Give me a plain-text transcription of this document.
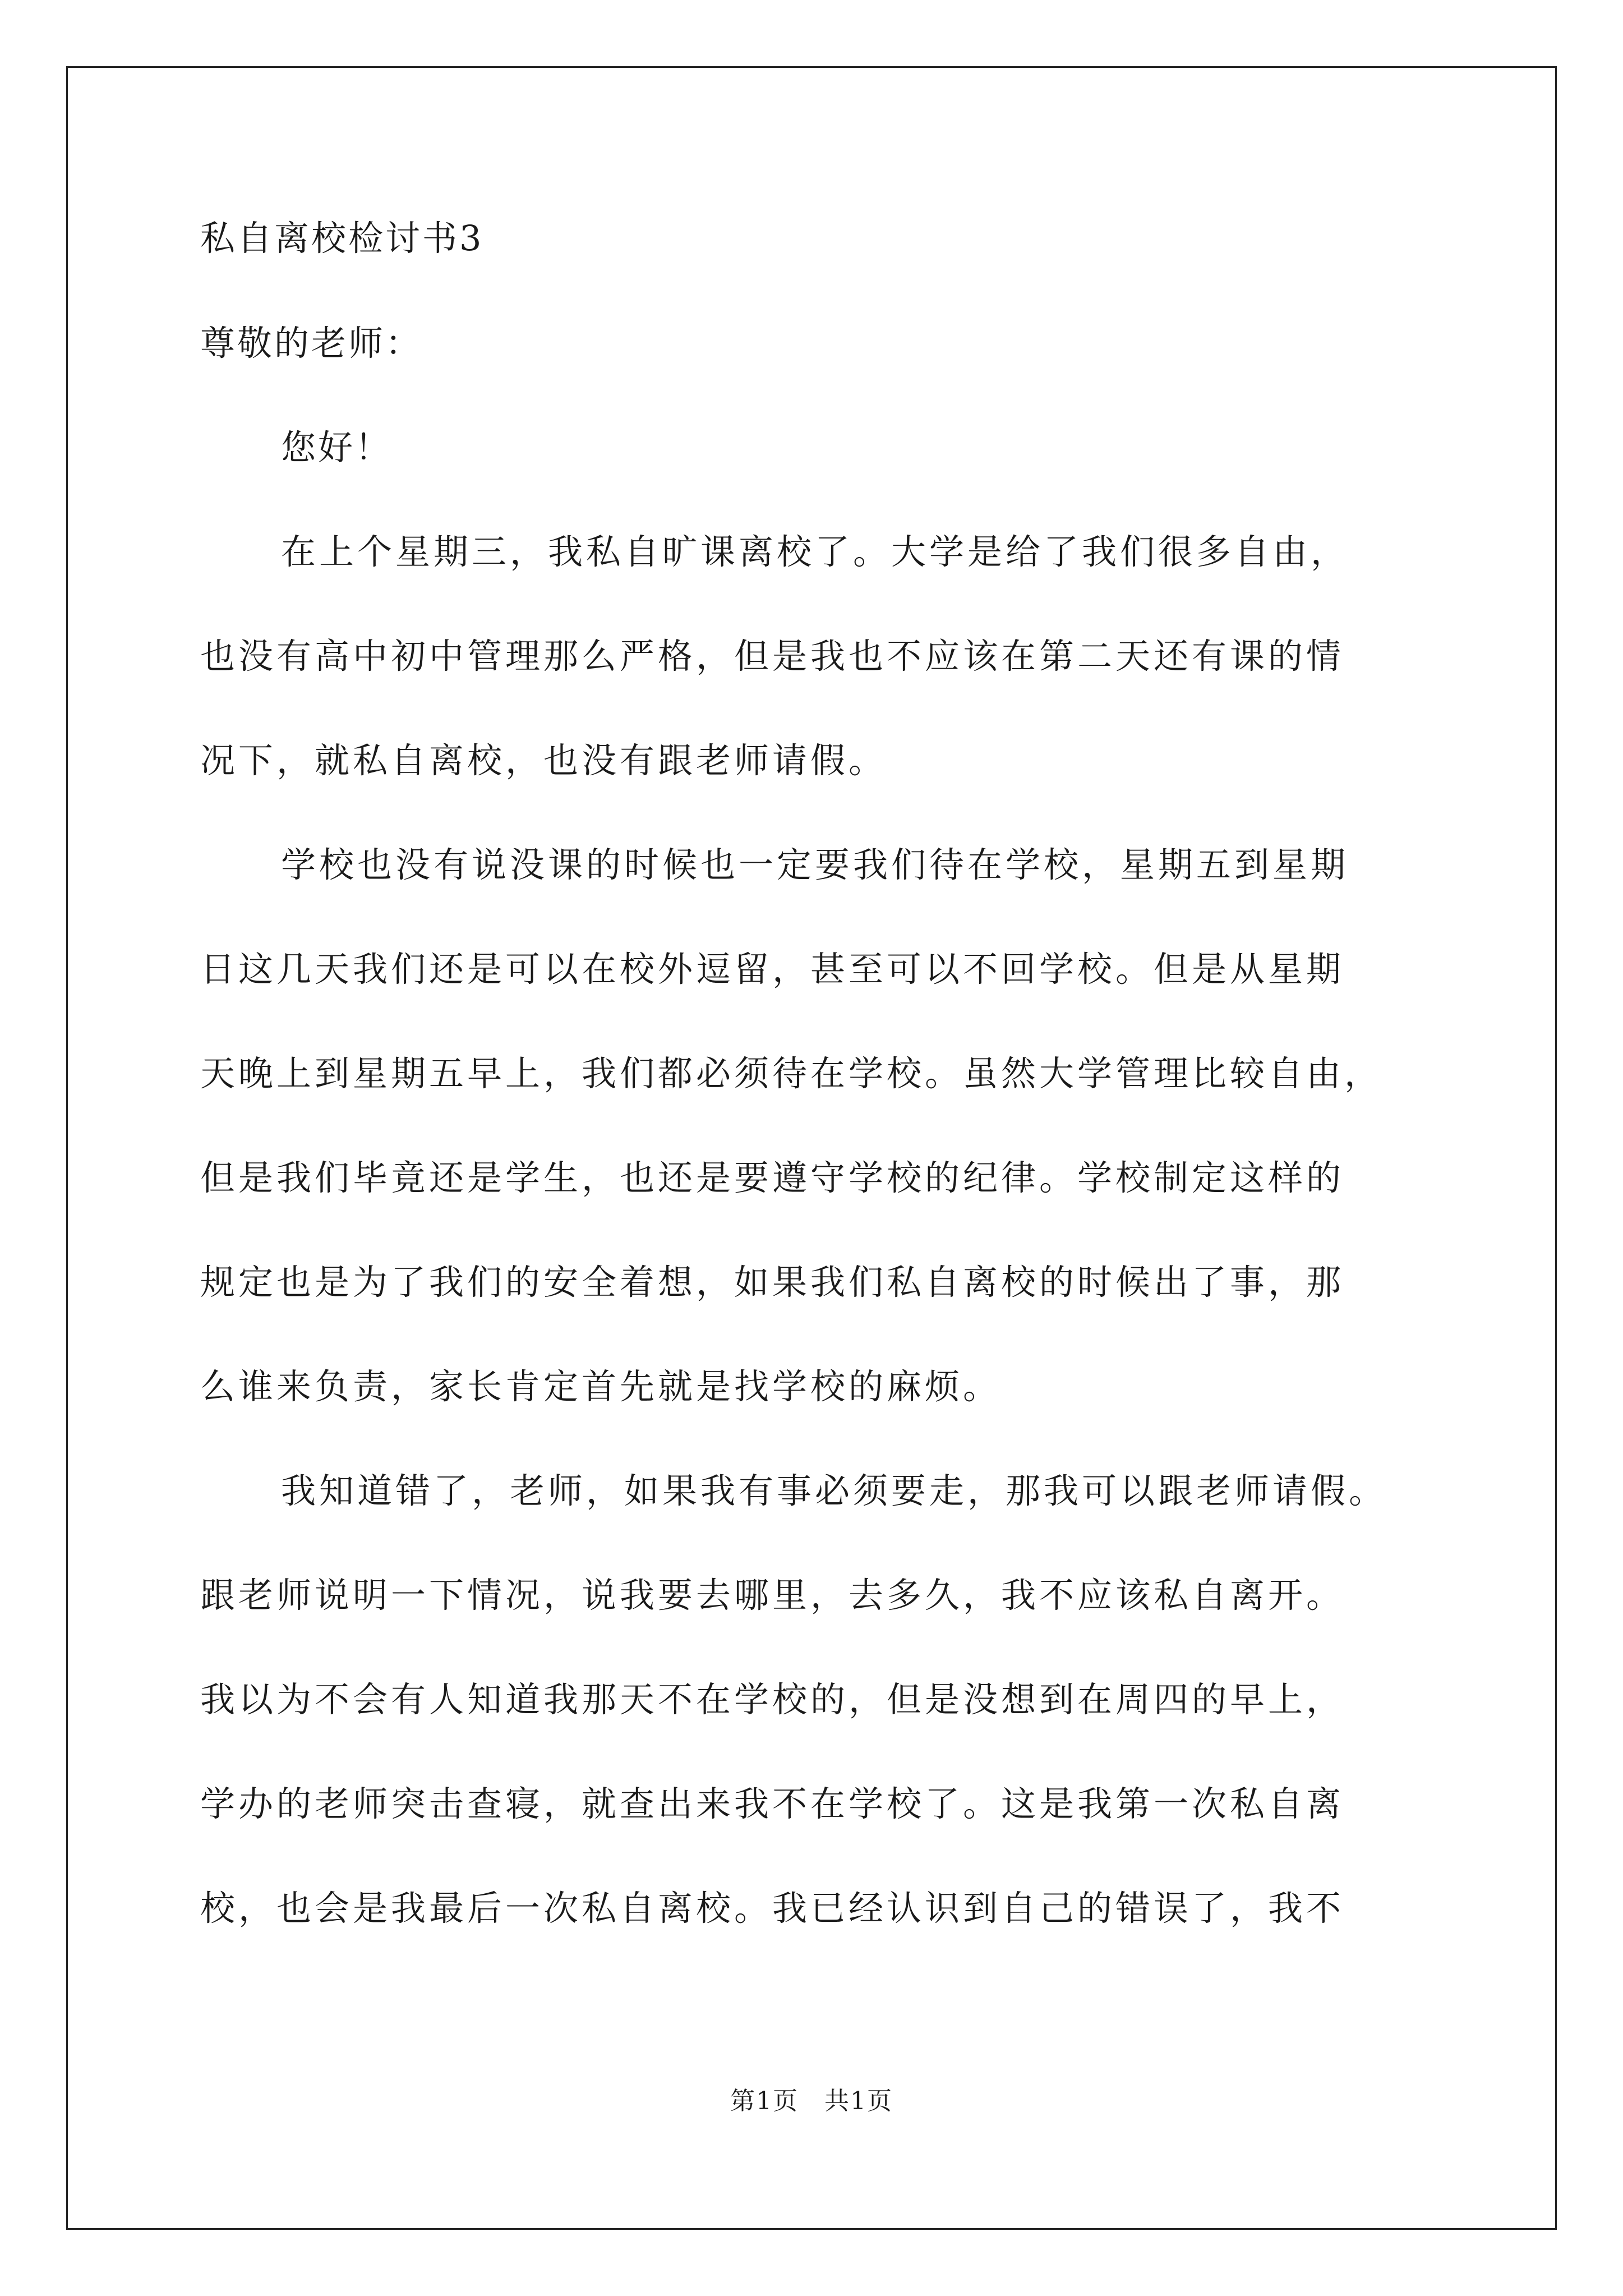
私自离校检讨书3
尊敬的老师：
您好！
在上个星期三，我私自旷课离校了。大学是给了我们很多自由，
也没有高中初中管理那么严格，但是我也不应该在第二天还有课的情
况下，就私自离校，也没有跟老师请假。
学校也没有说没课的时候也一定要我们待在学校，星期五到星期
日这几天我们还是可以在校外逗留，甚至可以不回学校。但是从星期
天晚上到星期五早上，我们都必须待在学校。虽然大学管理比较自由，
但是我们毕竟还是学生，也还是要遵守学校的纪律。学校制定这样的
规定也是为了我们的安全着想，如果我们私自离校的时候出了事，那
么谁来负责，家长肯定首先就是找学校的麻烦。
我知道错了，老师，如果我有事必须要走，那我可以跟老师请假。
跟老师说明一下情况，说我要去哪里，去多久，我不应该私自离开。
我以为不会有人知道我那天不在学校的，但是没想到在周四的早上，
学办的老师突击查寝，就查出来我不在学校了。这是我第一次私自离
校，也会是我最后一次私自离校。我已经认识到自己的错误了，我不
第1页　共1页
